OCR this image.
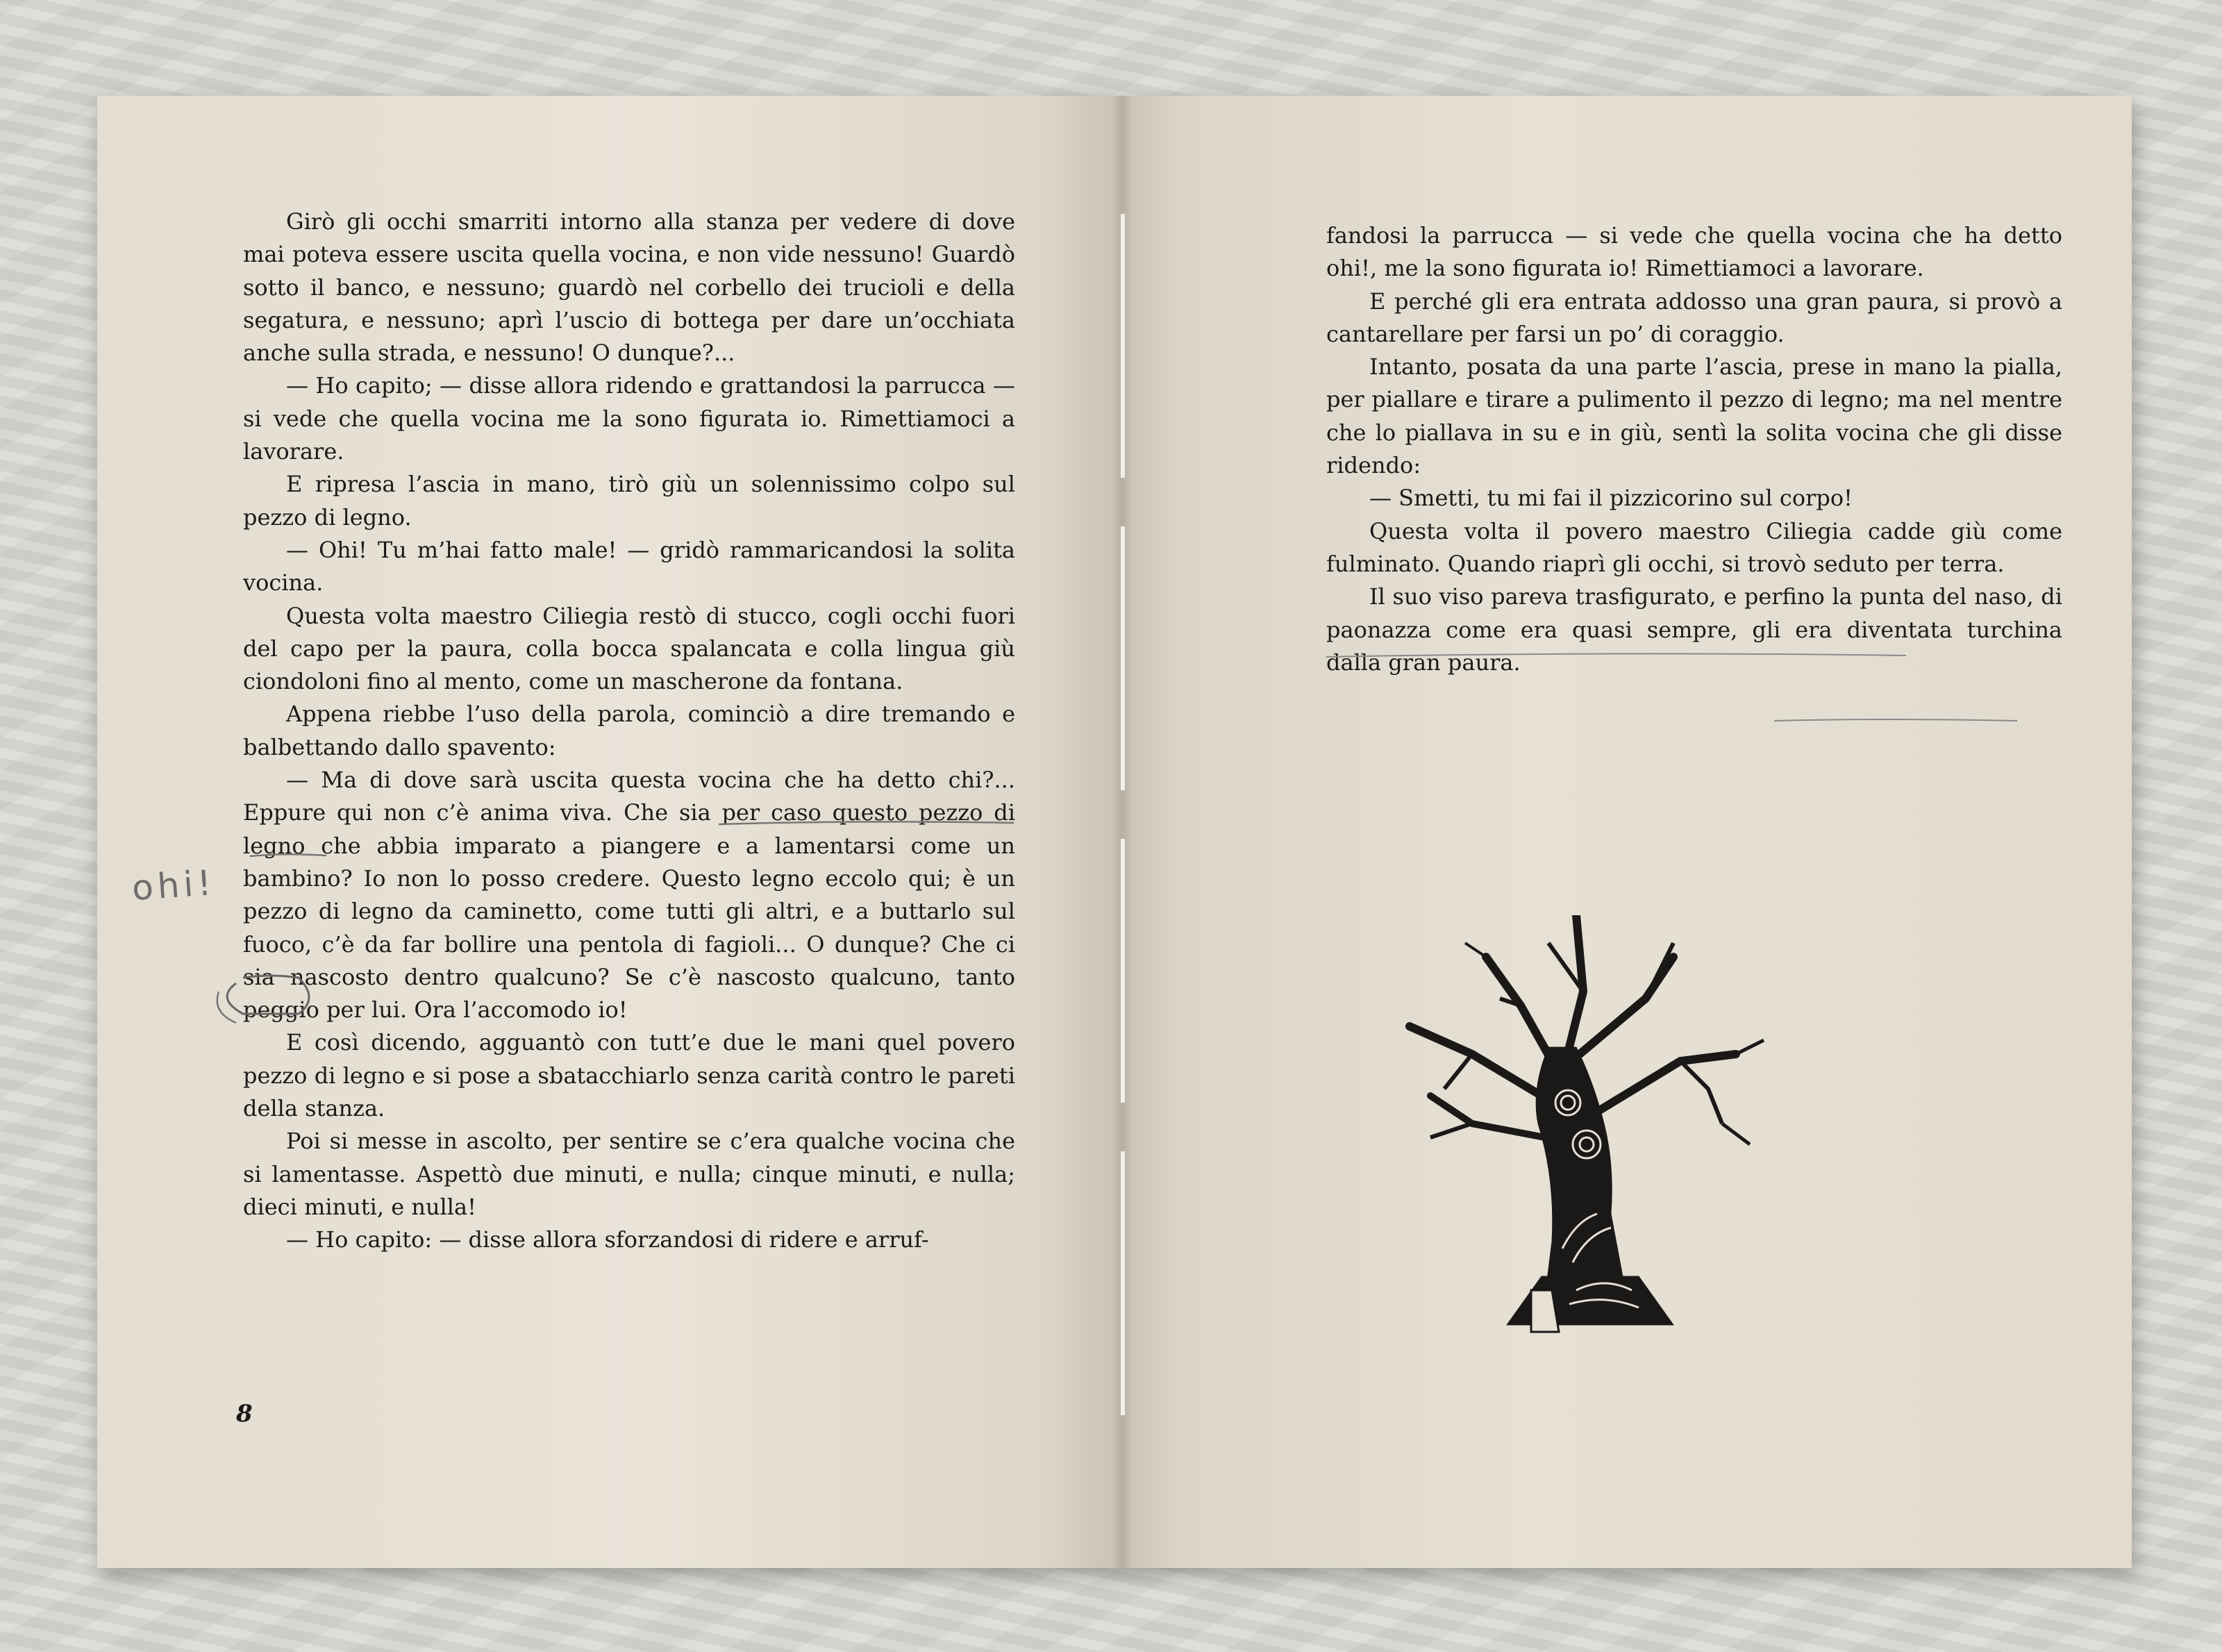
Girò gli occhi smarriti intorno alla stanza per vedere di dove mai poteva essere uscita quella vocina, e non vide nessuno! Guardò sotto il banco, e nessuno; guardò nel corbello dei trucioli e della segatura, e nessuno; aprì l’uscio di bottega per dare un’occhiata anche sulla strada, e nessuno! O dunque?...

— Ho capito; — disse allora ridendo e grattandosi la parrucca — si vede che quella vocina me la sono figurata io. Rimettiamoci a lavorare.

E ripresa l’ascia in mano, tirò giù un solennissimo colpo sul pezzo di legno.

— Ohi! Tu m’hai fatto male! — gridò rammaricandosi la solita vocina.

Questa volta maestro Ciliegia restò di stucco, cogli occhi fuori del capo per la paura, colla bocca spalancata e colla lingua giù ciondoloni fino al mento, come un mascherone da fontana.

Appena riebbe l’uso della parola, cominciò a dire tremando e balbettando dallo spavento:

— Ma di dove sarà uscita questa vocina che ha detto chi?... Eppure qui non c’è anima viva. Che sia per caso questo pezzo di legno che abbia imparato a piangere e a lamentarsi come un bambino? Io non lo posso credere. Questo legno eccolo qui; è un pezzo di legno da caminetto, come tutti gli altri, e a buttarlo sul fuoco, c’è da far bollire una pentola di fagioli... O dunque? Che ci sia nascosto dentro qualcuno? Se c’è nascosto qualcuno, tanto peggio per lui. Ora l’accomodo io!

E così dicendo, agguantò con tutt’e due le mani quel povero pezzo di legno e si pose a sbatacchiarlo senza carità contro le pareti della stanza.

Poi si messe in ascolto, per sentire se c’era qualche vocina che si lamentasse. Aspettò due minuti, e nulla; cinque minuti, e nulla; dieci minuti, e nulla!

— Ho capito: — disse allora sforzandosi di ridere e arruf-

8
ohi!

fandosi la parrucca — si vede che quella vocina che ha detto ohi!, me la sono figurata io! Rimettiamoci a lavorare.

E perché gli era entrata addosso una gran paura, si provò a cantarellare per farsi un po’ di coraggio.

Intanto, posata da una parte l’ascia, prese in mano la pialla, per piallare e tirare a pulimento il pezzo di legno; ma nel mentre che lo piallava in su e in giù, sentì la solita vocina che gli disse ridendo:

— Smetti, tu mi fai il pizzicorino sul corpo!

Questa volta il povero maestro Ciliegia cadde giù come fulminato. Quando riaprì gli occhi, si trovò seduto per terra.

Il suo viso pareva trasfigurato, e perfino la punta del naso, di paonazza come era quasi sempre, gli era diventata turchina dalla gran paura.
